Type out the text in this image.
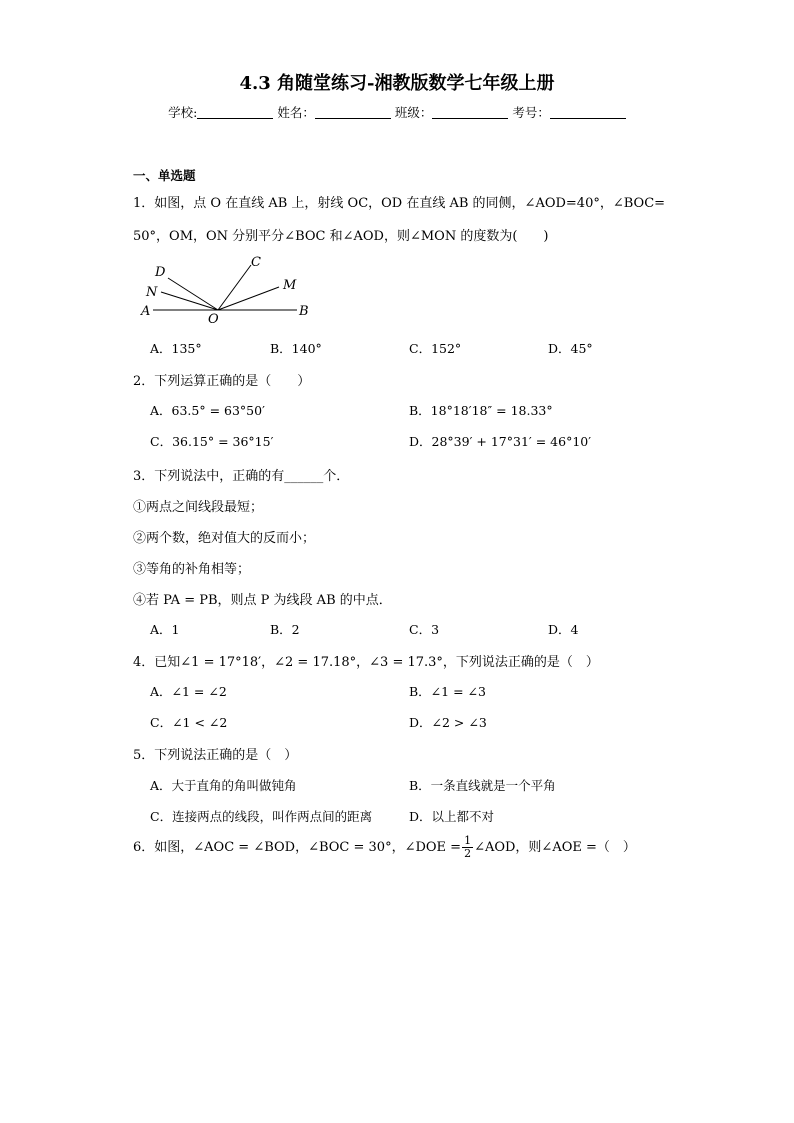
4.3 角随堂练习-湘教版数学七年级上册
学校:	姓名：	班级：	考号：
一、单选题
1．如图，点 O 在直线 AB 上，射线 OC，OD 在直线 AB 的同侧，∠AOD=40°，∠BOC=
50°，OM，ON 分别平分∠BOC 和∠AOD，则∠MON 的度数为(　　)
D
C
N	M
A
O
B
A．135°	B．140°	C．152°	D．45°
2．下列运算正确的是（　　）
A．63.5° = 63°50′	B．18°18′18″ = 18.33°
C．36.15° = 36°15′	D．28°39′ + 17°31′ = 46°10′
3．下列说法中，正确的有______个．
①两点之间线段最短；
②两个数，绝对值大的反而小；
③等角的补角相等；
④若 PA = PB，则点 P 为线段 AB 的中点．
A．1	B．2	C．3	D．4
4．已知∠1 = 17°18′，∠2 = 17.18°，∠3 = 17.3°，下列说法正确的是（　）
A．∠1 = ∠2	B．∠1 = ∠3
C．∠1 < ∠2	D．∠2 > ∠3
5．下列说法正确的是（　）
A．大于直角的角叫做钝角	B．一条直线就是一个平角
C．连接两点的线段，叫作两点间的距离	D．以上都不对
6．如图，∠AOC = ∠BOD，∠BOC = 30°，∠DOE = $\frac{1}{2}$ ∠AOD，则∠AOE =（　）
